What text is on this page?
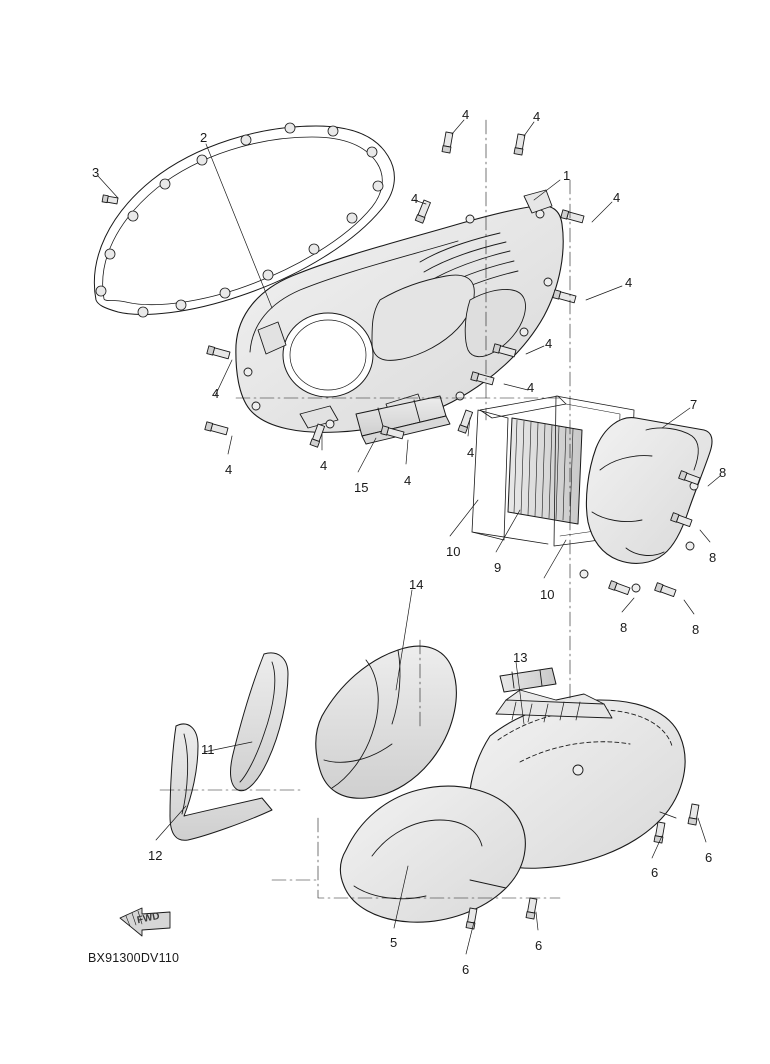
1
2
3
4	4
4	4
4
4
4
4
4	4
4
4
5
6
6
6
6
7
8
8
8	8
9
10
10
11
12
13
14
15
FWD
BX91300DV110
